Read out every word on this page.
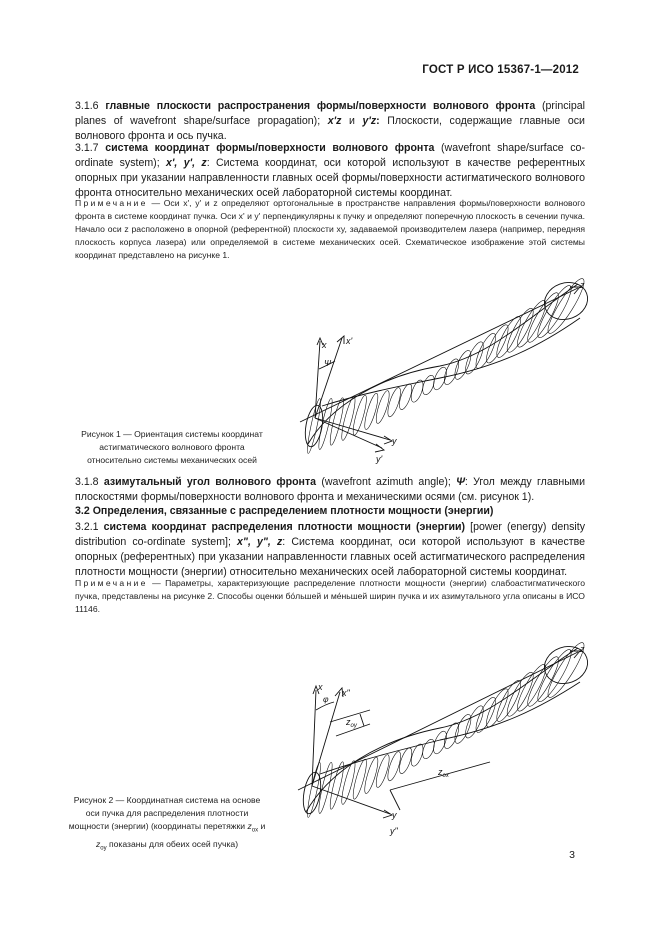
ГОСТ Р ИСО 15367-1—2012
3.1.6 главные плоскости распространения формы/поверхности волнового фронта (principal planes of wavefront shape/surface propagation); x'z и y'z: Плоскости, содержащие главные оси волнового фронта и ось пучка.
3.1.7 система координат формы/поверхности волнового фронта (wavefront shape/surface co-ordinate system); x', y', z: Система координат, оси которой используют в качестве референтных опорных при указании направленности главных осей формы/поверхности астигматического волнового фронта относительно механических осей лабораторной системы координат.
Примечание — Оси x', y' и z определяют ортогональные в пространстве направления формы/поверхности волнового фронта в системе координат пучка. Оси x' и y' перпендикулярны к пучку и определяют поперечную плоскость в сечении пучка. Начало оси z расположено в опорной (референтной) плоскости xy, задаваемой производителем лазера (например, передняя плоскость корпуса лазера) или определяемой в системе механических осей. Схематическое изображение этой системы координат представлено на рисунке 1.
x x'
Ψ
y
y'
z
Рисунок 1 — Ориентация системы координат
астигматического волнового фронта
относительно системы механических осей
3.1.8 азимутальный угол волнового фронта (wavefront azimuth angle); Ψ: Угол между главными плоскостями формы/поверхности волнового фронта и механическими осями (см. рисунок 1).
3.2 Определения, связанные с распределением плотности мощности (энергии)
3.2.1 система координат распределения плотности мощности (энергии) [power (energy) density distribution co-ordinate system]; x", y", z: Система координат, оси которой используют в качестве опорных (референтных) при указании направленности главных осей астигматического распределения плотности мощности (энергии) относительно механических осей лабораторной системы координат.
Примечание — Параметры, характеризующие распределение плотности мощности (энергии) слабоастигматического пучка, представлены на рисунке 2. Способы оценки бо́льшей и ме́ньшей ширин пучка и их азимутального угла описаны в ИСО 11146.
x
x"
φ
$z_{oy}$
$z_{ox}$
y
y"
z
Рисунок 2 — Координатная система на основе
оси пучка для распределения плотности
мощности (энергии) (координаты перетяжки $z_{ox}$ и
$z_{oy}$ показаны для обеих осей пучка)
3
